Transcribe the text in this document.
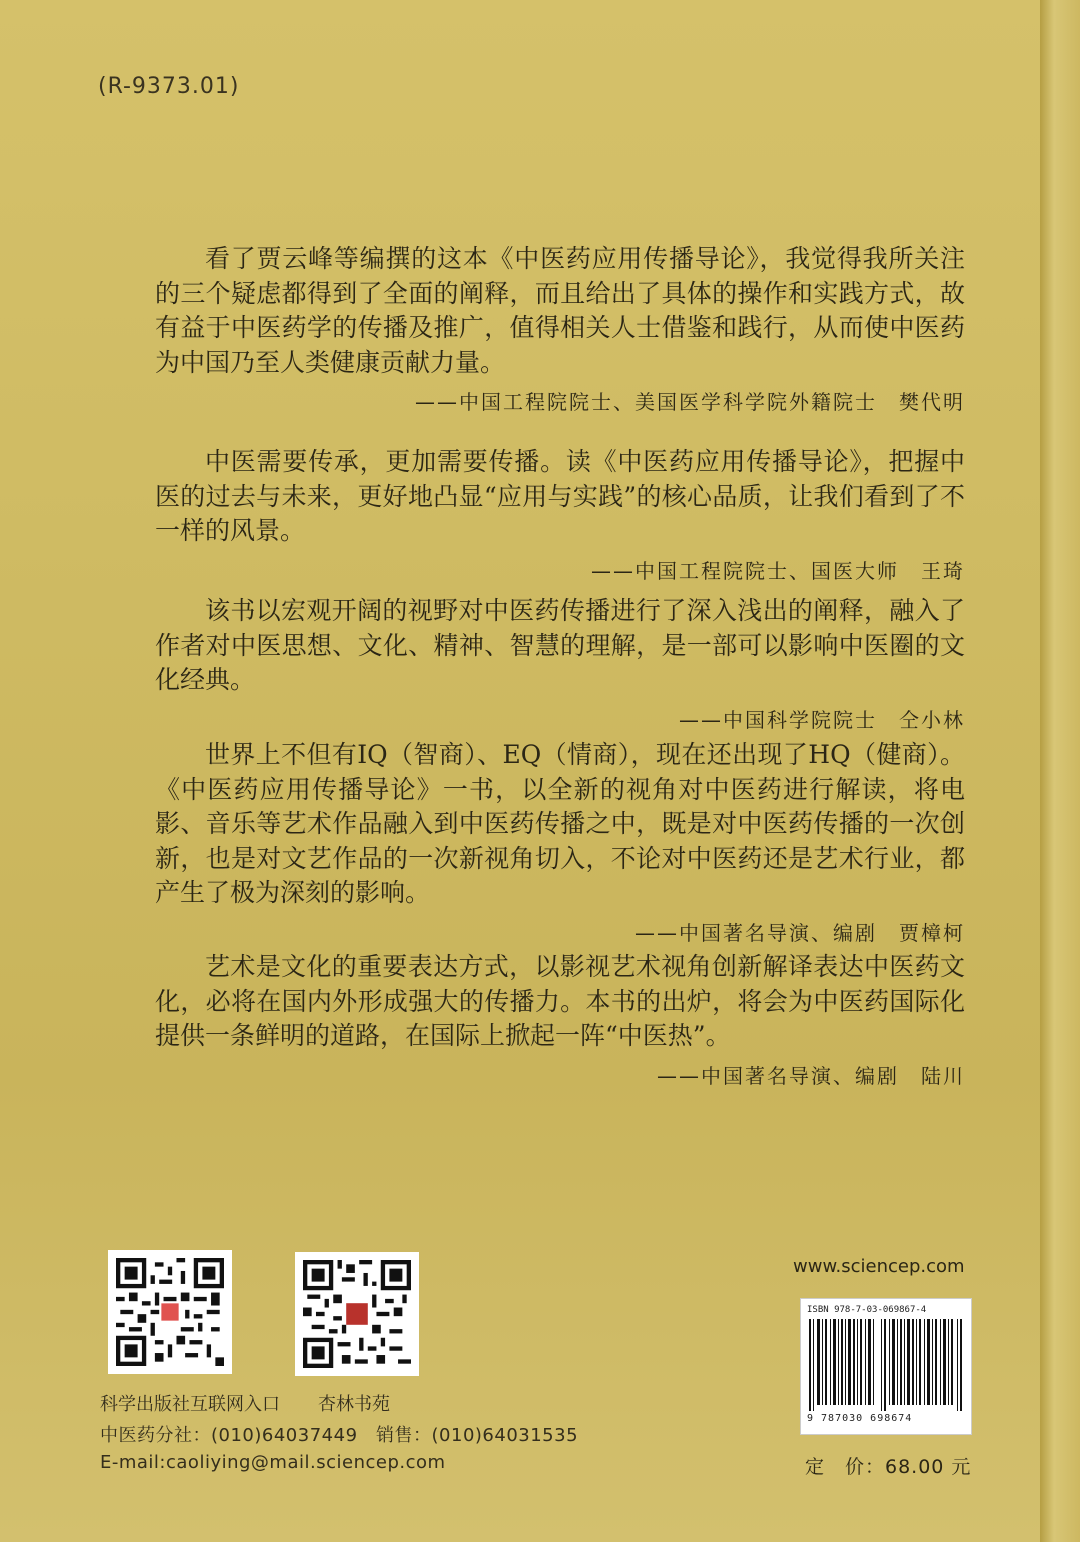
(R-9373.01)

看了贾云峰等编撰的这本《中医药应用传播导论》，我觉得我所关注的三个疑虑都得到了全面的阐释，而且给出了具体的操作和实践方式，故有益于中医药学的传播及推广，值得相关人士借鉴和践行，从而使中医药为中国乃至人类健康贡献力量。

——中国工程院院士、美国医学科学院外籍院士　樊代明

中医需要传承，更加需要传播。读《中医药应用传播导论》，把握中医的过去与未来，更好地凸显“应用与实践”的核心品质，让我们看到了不一样的风景。

——中国工程院院士、国医大师　王琦

该书以宏观开阔的视野对中医药传播进行了深入浅出的阐释，融入了作者对中医思想、文化、精神、智慧的理解，是一部可以影响中医圈的文化经典。

——中国科学院院士　仝小林

世界上不但有IQ（智商）、EQ（情商），现在还出现了HQ（健商）。《中医药应用传播导论》一书，以全新的视角对中医药进行解读，将电影、音乐等艺术作品融入到中医药传播之中，既是对中医药传播的一次创新，也是对文艺作品的一次新视角切入，不论对中医药还是艺术行业，都产生了极为深刻的影响。

——中国著名导演、编剧　贾樟柯

艺术是文化的重要表达方式，以影视艺术视角创新解译表达中医药文化，必将在国内外形成强大的传播力。本书的出炉，将会为中医药国际化提供一条鲜明的道路，在国际上掀起一阵“中医热”。

——中国著名导演、编剧　陆川
科学出版社互联网入口 杏林书苑
中医药分社：(010)64037449　销售：(010)64031535
E-mail:caoliying@mail.sciencep.com
www.sciencep.com
ISBN 978-7-03-069867-4
9 787030 698674
定　价：68.00 元
